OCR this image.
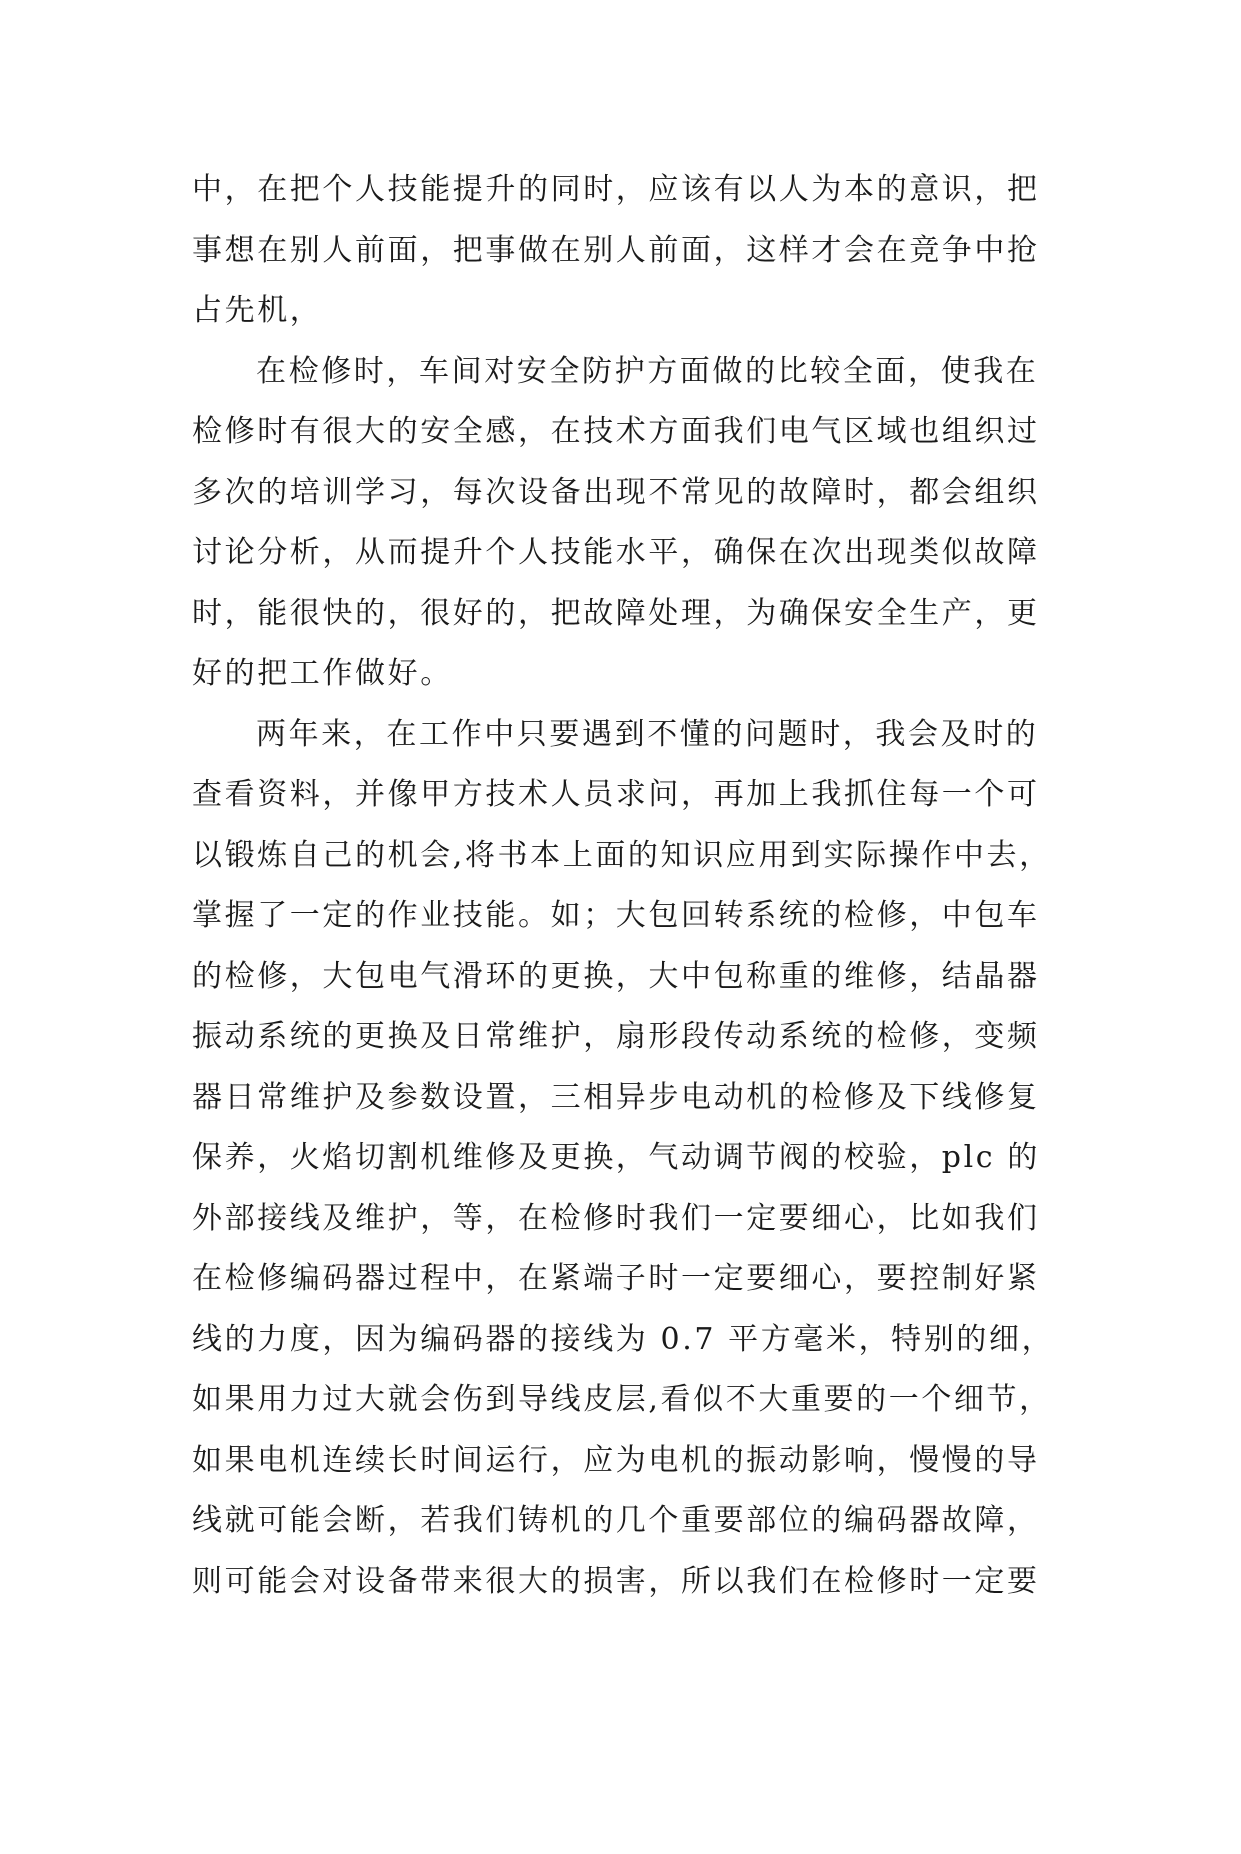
中，在把个人技能提升的同时，应该有以人为本的意识，把
事想在别人前面，把事做在别人前面，这样才会在竞争中抢
占先机，
在检修时，车间对安全防护方面做的比较全面，使我在
检修时有很大的安全感，在技术方面我们电气区域也组织过
多次的培训学习，每次设备出现不常见的故障时，都会组织
讨论分析，从而提升个人技能水平，确保在次出现类似故障
时，能很快的，很好的，把故障处理，为确保安全生产，更
好的把工作做好。
两年来，在工作中只要遇到不懂的问题时，我会及时的
查看资料，并像甲方技术人员求问，再加上我抓住每一个可
以锻炼自己的机会,将书本上面的知识应用到实际操作中去，
掌握了一定的作业技能。如；大包回转系统的检修，中包车
的检修，大包电气滑环的更换，大中包称重的维修，结晶器
振动系统的更换及日常维护，扇形段传动系统的检修，变频
器日常维护及参数设置，三相异步电动机的检修及下线修复
保养，火焰切割机维修及更换，气动调节阀的校验，plc 的
外部接线及维护，等，在检修时我们一定要细心，比如我们
在检修编码器过程中，在紧端子时一定要细心，要控制好紧
线的力度，因为编码器的接线为 0.7 平方毫米，特别的细，
如果用力过大就会伤到导线皮层,看似不大重要的一个细节，
如果电机连续长时间运行，应为电机的振动影响，慢慢的导
线就可能会断，若我们铸机的几个重要部位的编码器故障，
则可能会对设备带来很大的损害，所以我们在检修时一定要
